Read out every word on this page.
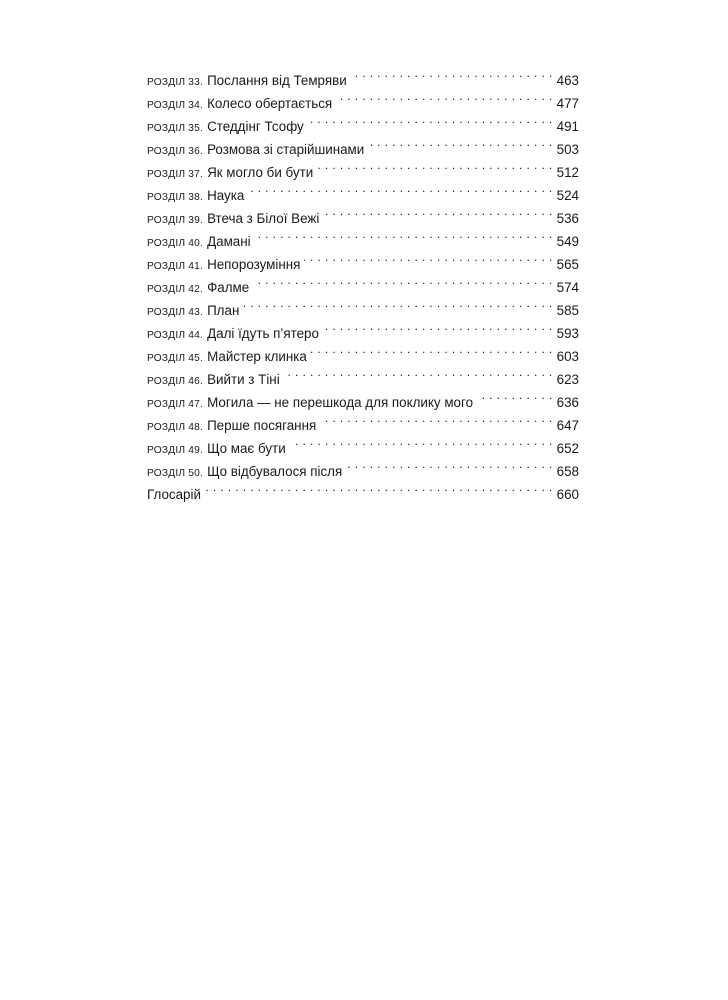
РОЗДІЛ 33. Послання від Темряви . . .	463
РОЗДІЛ 34. Колесо обертається . . .	477
РОЗДІЛ 35. Стеддінг Тсофу . . .	491
РОЗДІЛ 36. Розмова зі старійшинами . . .	503
РОЗДІЛ 37. Як могло би бути . . .	512
РОЗДІЛ 38. Наука . . .	524
РОЗДІЛ 39. Втеча з Білої Вежі . . .	536
РОЗДІЛ 40. Дамані . . .	549
РОЗДІЛ 41. Непорозуміння . . .	565
РОЗДІЛ 42. Фалме . . .	574
РОЗДІЛ 43. План . . .	585
РОЗДІЛ 44. Далі їдуть п’ятеро . . .	593
РОЗДІЛ 45. Майстер клинка . . .	603
РОЗДІЛ 46. Вийти з Тіні . . .	623
РОЗДІЛ 47. Могила — не перешкода для поклику мого . . .	636
РОЗДІЛ 48. Перше посягання . . .	647
РОЗДІЛ 49. Що має бути . . .	652
РОЗДІЛ 50. Що відбувалося після . . .	658
Глосарій . . .	660
